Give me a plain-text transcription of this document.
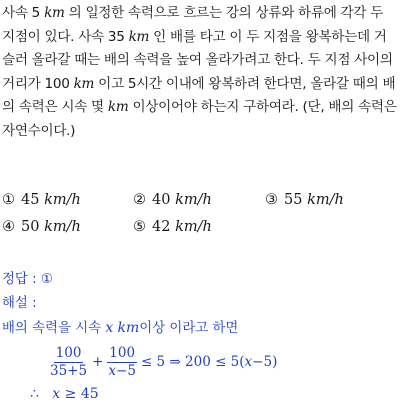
사속 5 km 의 일정한 속력으로 흐르는 강의 상류와 하류에 각각 두 지점이 있다. 사속 35 km 인 배를 타고 이 두 지점을 왕복하는데 거슬러 올라갈 때는 배의 속력을 높여 올라가려고 한다. 두 지점 사이의 거리가 100 km 이고 5시간 이내에 왕복하려 한다면, 올라갈 때의 배의 속력은 시속 몇 km 이상이어야 하는지 구하여라. (단, 배의 속력은 자연수이다.)
① 45 km/h	② 40 km/h	③ 55 km/h
④ 50 km/h	⑤ 42 km/h
정답 : ①
해설 :
배의 속력을 시속 x km이상 이라고 하면
$\frac{100}{35+5} + \frac{100}{x-5} \le 5$ ⇒ 200 ≤ 5(x−5)
∴ x ≥ 45
